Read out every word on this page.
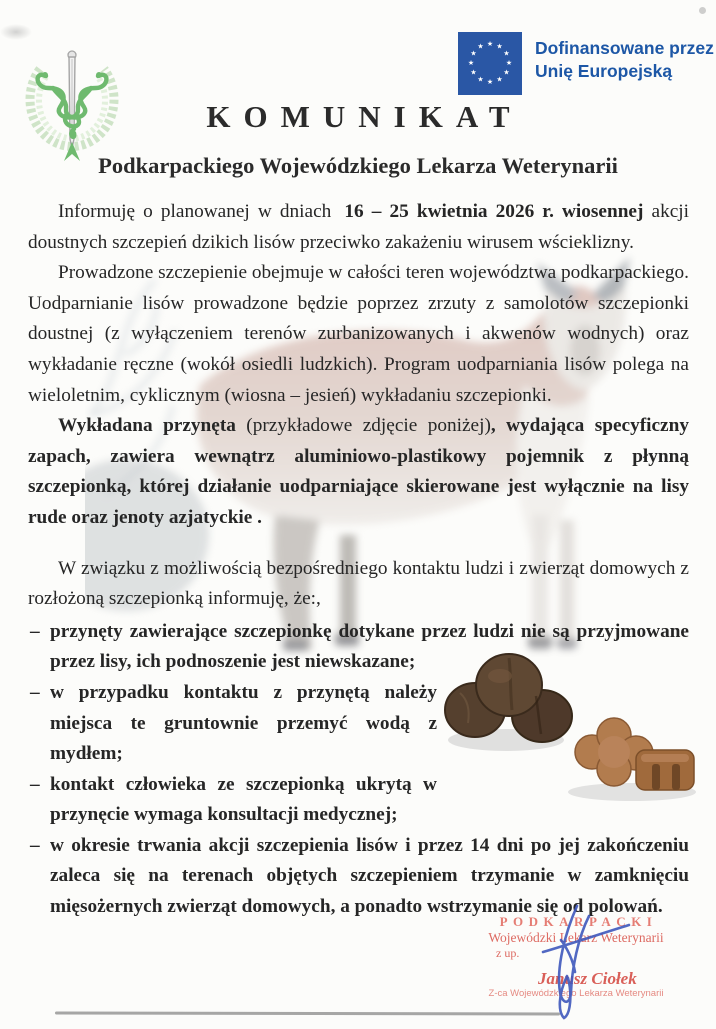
★ ★
★
★
★
★
★
★
★
★
★
★	Dofinansowane przez
Unię Europejską
KOMUNIKAT
Podkarpackiego Wojewódzkiego Lekarza Weterynarii

Informuję o planowanej w dniach 16 – 25 kwietnia 2026 r. wiosennej akcji doustnych szczepień dzikich lisów przeciwko zakażeniu wirusem wścieklizny.

Prowadzone szczepienie obejmuje w całości teren województwa podkarpackiego. Uodparnianie lisów prowadzone będzie poprzez zrzuty z samolotów szczepionki doustnej (z wyłączeniem terenów zurbanizowanych i akwenów wodnych) oraz wykładanie ręczne (wokół osiedli ludzkich). Program uodparniania lisów polega na wieloletnim, cyklicznym (wiosna – jesień) wykładaniu szczepionki.

Wykładana przynęta (przykładowe zdjęcie poniżej), wydająca specyficzny zapach, zawiera wewnątrz aluminiowo-plastikowy pojemnik z płynną szczepionką, której działanie uodparniające skierowane jest wyłącznie na lisy rude oraz jenoty azjatyckie .

W związku z możliwością bezpośredniego kontaktu ludzi i zwierząt domowych z rozłożoną szczepionką informuję, że:,

– przynęty zawierające szczepionkę dotykane przez ludzi nie są przyjmowane przez lisy, ich podnoszenie jest niewskazane;
– w przypadku kontaktu z przynętą należy miejsca te gruntownie przemyć wodą z mydłem;
– kontakt człowieka ze szczepionką ukrytą w przynęcie wymaga konsultacji medycznej;
– w okresie trwania akcji szczepienia lisów i przez 14 dni po jej zakończeniu zaleca się na terenach objętych szczepieniem trzymanie w zamknięciu mięsożernych zwierząt domowych, a ponadto wstrzymanie się od polowań.
PODKARPACKI
Wojewódzki Lekarz Weterynarii
z up.
Janusz Ciołek
Z-ca Wojewódzkiego Lekarza Weterynarii
